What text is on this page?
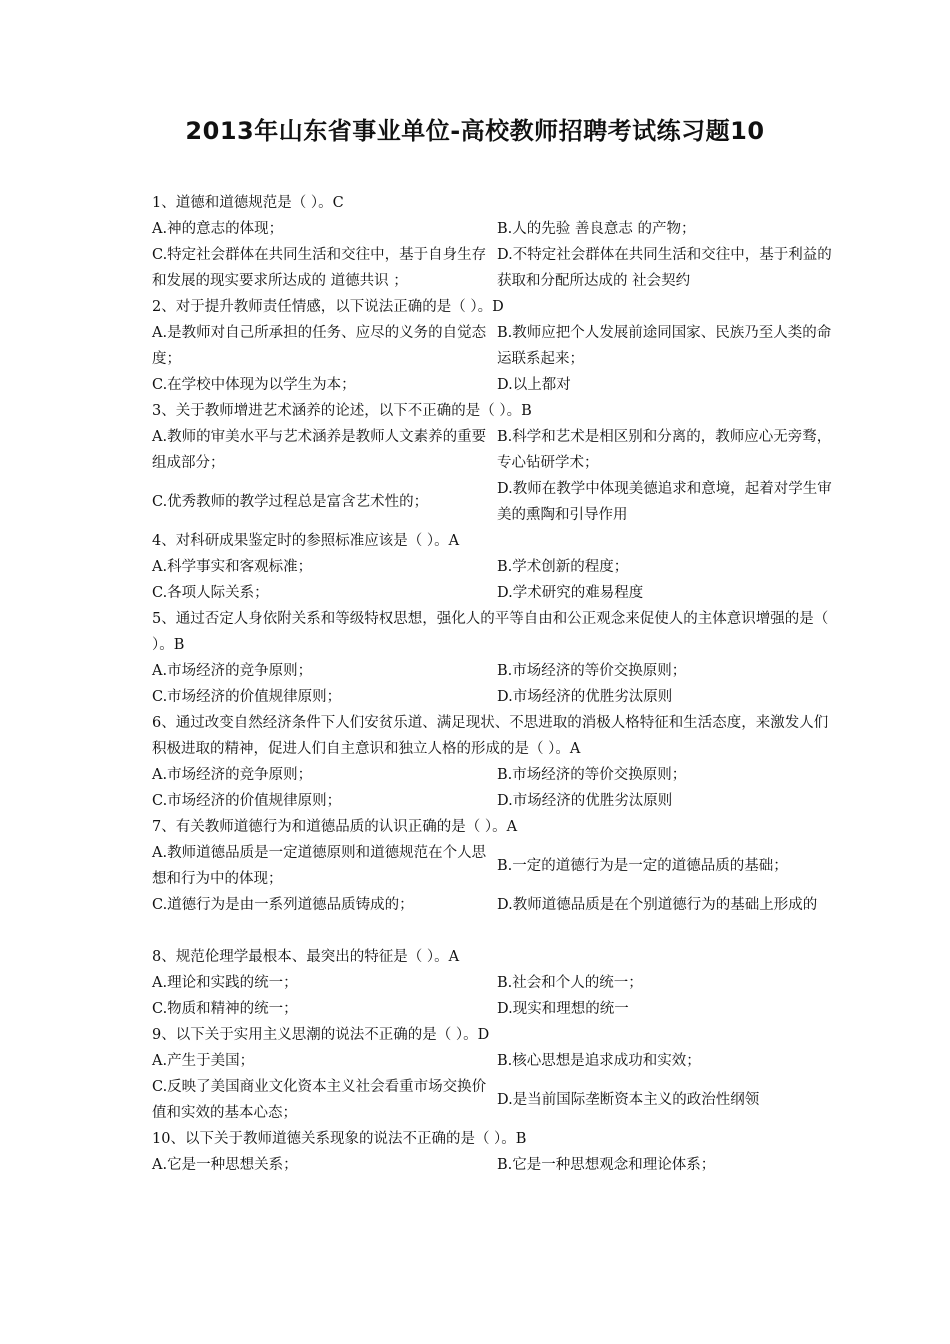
2013年山东省事业单位-高校教师招聘考试练习题10
1、道德和道德规范是（ ）。C
A.神的意志的体现；	B.人的先验 善良意志 的产物；
C.特定社会群体在共同生活和交往中，基于自身生存和发展的现实要求所达成的 道德共识 ；
D.不特定社会群体在共同生活和交往中，基于利益的获取和分配所达成的 社会契约
2、对于提升教师责任情感，以下说法正确的是（ ）。D
A.是教师对自己所承担的任务、应尽的义务的自觉态度；
B.教师应把个人发展前途同国家、民族乃至人类的命运联系起来；
C.在学校中体现为以学生为本；	D.以上都对
3、关于教师增进艺术涵养的论述，以下不正确的是（ ）。B
A.教师的审美水平与艺术涵养是教师人文素养的重要组成部分；
B.科学和艺术是相区别和分离的，教师应心无旁骛，专心钻研学术；
C.优秀教师的教学过程总是富含艺术性的；
D.教师在教学中体现美德追求和意境，起着对学生审美的熏陶和引导作用
4、对科研成果鉴定时的参照标准应该是（ ）。A
A.科学事实和客观标准；	B.学术创新的程度；
C.各项人际关系；	D.学术研究的难易程度
5、通过否定人身依附关系和等级特权思想，强化人的平等自由和公正观念来促使人的主体意识增强的是（ ）。B
A.市场经济的竞争原则；	B.市场经济的等价交换原则；
C.市场经济的价值规律原则；	D.市场经济的优胜劣汰原则
6、通过改变自然经济条件下人们安贫乐道、满足现状、不思进取的消极人格特征和生活态度，来激发人们积极进取的精神，促进人们自主意识和独立人格的形成的是（ ）。A
A.市场经济的竞争原则；	B.市场经济的等价交换原则；
C.市场经济的价值规律原则；	D.市场经济的优胜劣汰原则
7、有关教师道德行为和道德品质的认识正确的是（ ）。A
A.教师道德品质是一定道德原则和道德规范在个人思想和行为中的体现；
B.一定的道德行为是一定的道德品质的基础；
C.道德行为是由一系列道德品质铸成的；	D.教师道德品质是在个别道德行为的基础上形成的
8、规范伦理学最根本、最突出的特征是（ ）。A
A.理论和实践的统一；	B.社会和个人的统一；
C.物质和精神的统一；	D.现实和理想的统一
9、以下关于实用主义思潮的说法不正确的是（ ）。D
A.产生于美国；	B.核心思想是追求成功和实效；
C.反映了美国商业文化资本主义社会看重市场交换价值和实效的基本心态；
D.是当前国际垄断资本主义的政治性纲领
10、以下关于教师道德关系现象的说法不正确的是（ ）。B
A.它是一种思想关系；	B.它是一种思想观念和理论体系；
